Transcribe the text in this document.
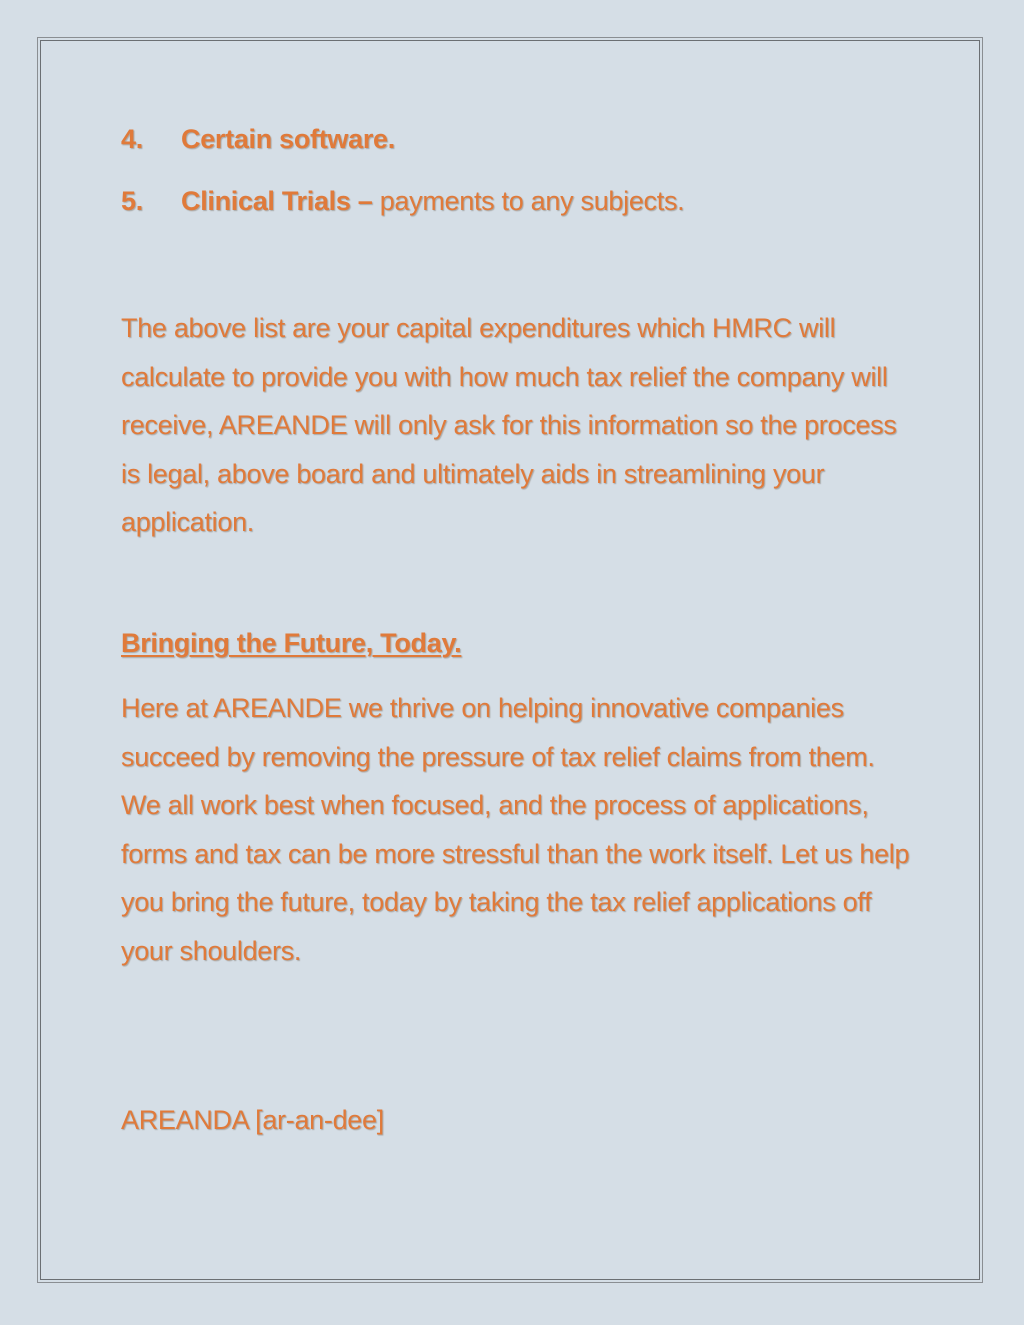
4.	Certain software.
5.	Clinical Trials – payments to any subjects.
The above list are your capital expenditures which HMRC will calculate to provide you with how much tax relief the company will receive, AREANDE will only ask for this information so the process is legal, above board and ultimately aids in streamlining your application.
Bringing the Future, Today.
Here at AREANDE we thrive on helping innovative companies succeed by removing the pressure of tax relief claims from them. We all work best when focused, and the process of applications, forms and tax can be more stressful than the work itself. Let us help you bring the future, today by taking the tax relief applications off your shoulders.
AREANDA [ar-an-dee]
